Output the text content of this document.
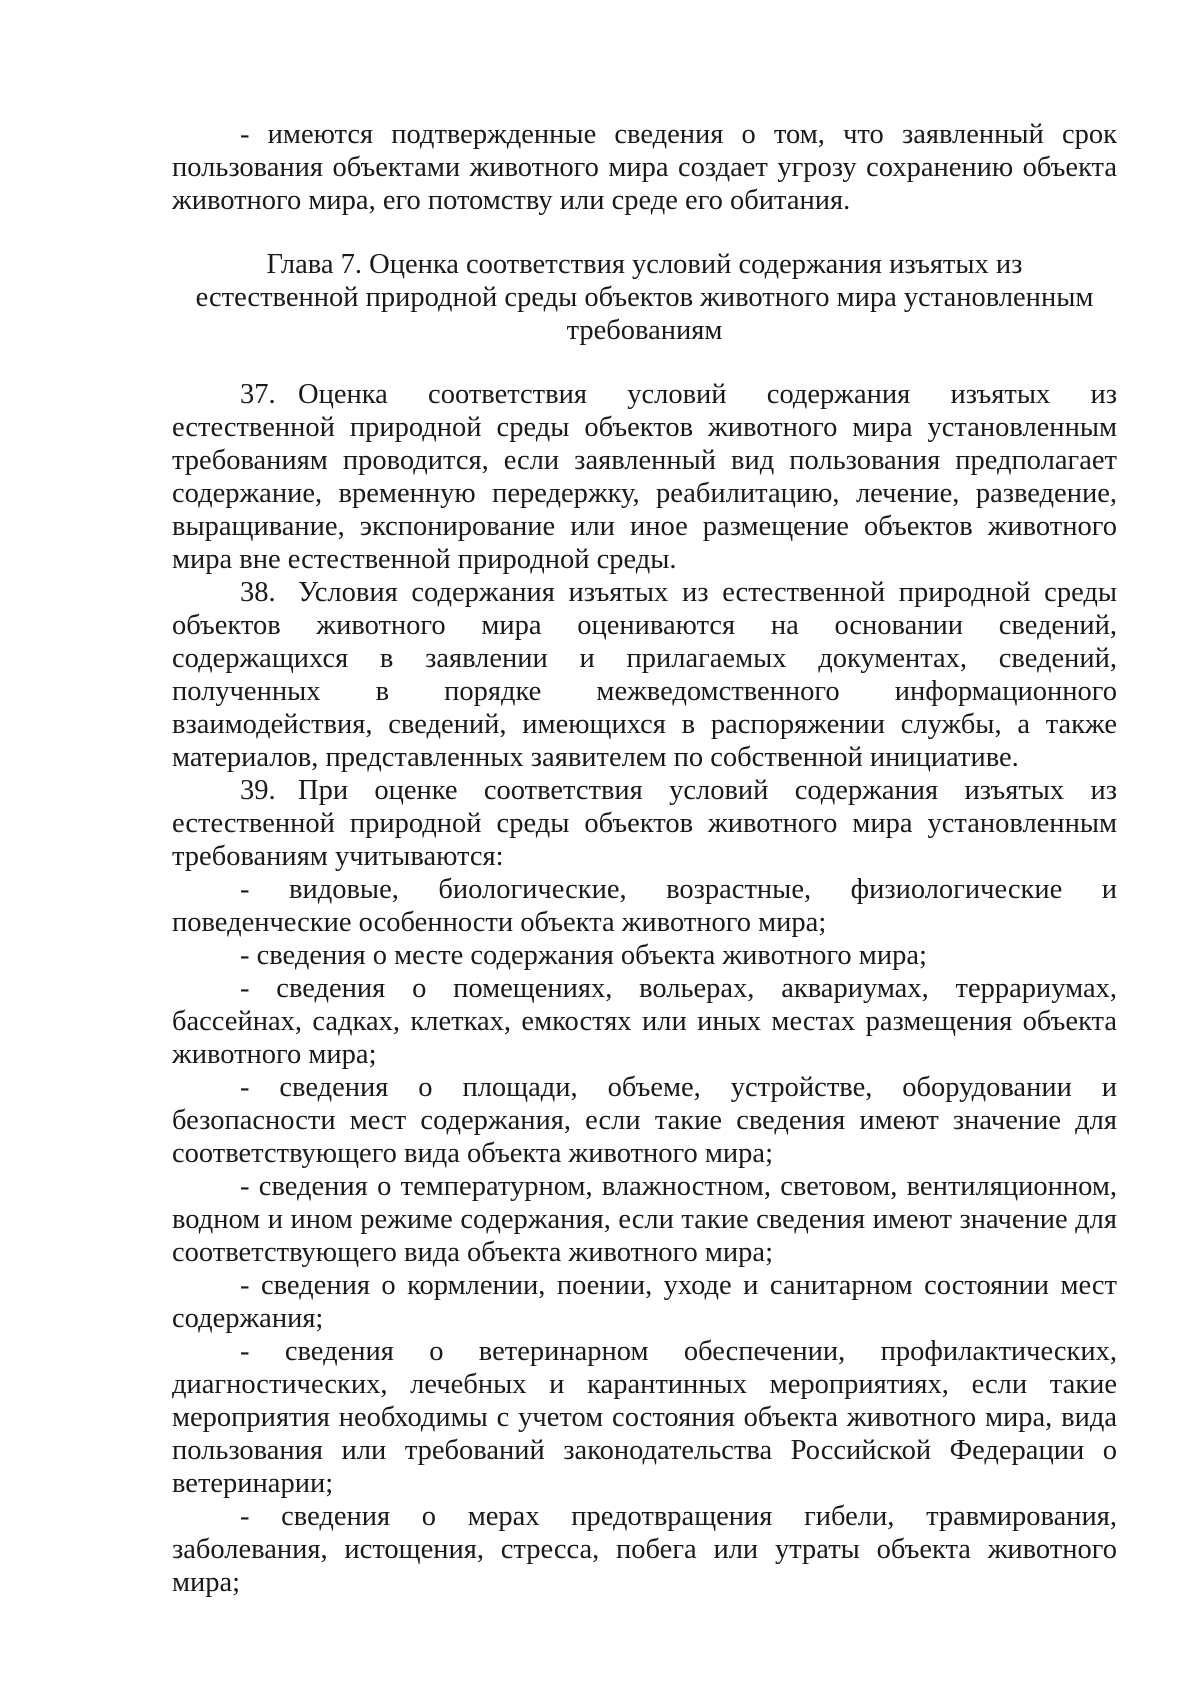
- имеются подтвержденные сведения о том, что заявленный срок пользования объектами животного мира создает угрозу сохранению объекта животного мира, его потомству или среде его обитания.

Глава 7. Оценка соответствия условий содержания изъятых из
естественной природной среды объектов животного мира установленным
требованиям

37. Оценка соответствия условий содержания изъятых из естественной природной среды объектов животного мира установленным требованиям проводится, если заявленный вид пользования предполагает содержание, временную передержку, реабилитацию, лечение, разведение, выращивание, экспонирование или иное размещение объектов животного мира вне естественной природной среды.

38. Условия содержания изъятых из естественной природной среды объектов животного мира оцениваются на основании сведений, содержащихся в заявлении и прилагаемых документах, сведений, полученных в порядке межведомственного информационного взаимодействия, сведений, имеющихся в распоряжении службы, а также материалов, представленных заявителем по собственной инициативе.

39. При оценке соответствия условий содержания изъятых из естественной природной среды объектов животного мира установленным требованиям учитываются:

- видовые, биологические, возрастные, физиологические и поведенческие особенности объекта животного мира;

- сведения о месте содержания объекта животного мира;

- сведения о помещениях, вольерах, аквариумах, террариумах, бассейнах, садках, клетках, емкостях или иных местах размещения объекта животного мира;

- сведения о площади, объеме, устройстве, оборудовании и безопасности мест содержания, если такие сведения имеют значение для соответствующего вида объекта животного мира;

- сведения о температурном, влажностном, световом, вентиляционном, водном и ином режиме содержания, если такие сведения имеют значение для соответствующего вида объекта животного мира;

- сведения о кормлении, поении, уходе и санитарном состоянии мест содержания;

- сведения о ветеринарном обеспечении, профилактических, диагностических, лечебных и карантинных мероприятиях, если такие мероприятия необходимы с учетом состояния объекта животного мира, вида пользования или требований законодательства Российской Федерации о ветеринарии;

- сведения о мерах предотвращения гибели, травмирования, заболевания, истощения, стресса, побега или утраты объекта животного мира;
